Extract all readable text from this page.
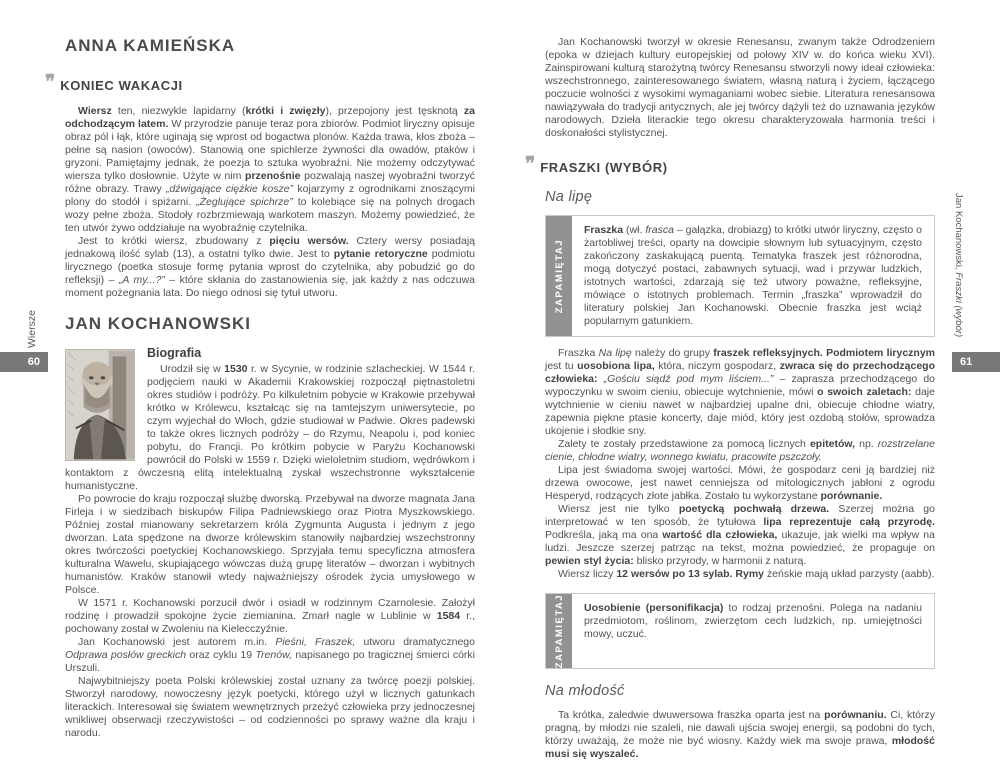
ANNA KAMIEŃSKA
❞ KONIEC WAKACJI

Wiersz ten, niezwykle lapidarny (krótki i zwięzły), przepojony jest tęsknotą za odchodzącym latem. W przyrodzie panuje teraz pora zbiorów. Podmiot liryczny opisuje obraz pól i łąk, które uginają się wprost od bogactwa plonów. Każda trawa, kłos zboża – pełne są nasion (owoców). Stanowią one spichlerze żywności dla owadów, ptaków i gryzoni. Pamiętajmy jednak, że poezja to sztuka wyobraźni. Nie możemy odczytywać wiersza tylko dosłownie. Użyte w nim przenośnie pozwalają naszej wyobraźni tworzyć różne obrazy. Trawy „dźwigające ciężkie kosze” kojarzymy z ogrodnikami znoszącymi plony do stodół i spiżarni. „Żeglujące spichrze” to kolebiące się na polnych drogach wozy pełne zboża. Stodoły rozbrzmiewają warkotem maszyn. Możemy powiedzieć, że ten utwór żywo oddziałuje na wyobraźnię czytelnika.

Jest to krótki wiersz, zbudowany z pięciu wersów. Cztery wersy posiadają jednakową ilość sylab (13), a ostatni tylko dwie. Jest to pytanie retoryczne podmiotu lirycznego (poetka stosuje formę pytania wprost do czytelnika, aby pobudzić go do refleksji) – „A my...?” – które skłania do zastanowienia się, jak każdy z nas odczuwa moment pożegnania lata. Do niego odnosi się tytuł utworu.

JAN KOCHANOWSKI
Biografia

Urodził się w 1530 r. w Sycynie, w rodzinie szlacheckiej. W 1544 r. podjęciem nauki w Akademii Krakowskiej rozpoczął piętnastoletni okres studiów i podróży. Po kilkuletnim pobycie w Krakowie przebywał krótko w Królewcu, kształcąc się na tamtejszym uniwersytecie, po czym wyjechał do Włoch, gdzie studiował w Padwie. Okres padewski to także okres licznych podróży – do Rzymu, Neapolu i, pod koniec pobytu, do Francji. Po krótkim pobycie w Paryżu Kochanowski powrócił do Polski w 1559 r. Dzięki wieloletnim studiom, wędrówkom i kontaktom z ówczesną elitą intelektualną zyskał wszechstronne wykształcenie humanistyczne.

Po powrocie do kraju rozpoczął służbę dworską. Przebywał na dworze magnata Jana Firleja i w siedzibach biskupów Filipa Padniewskiego oraz Piotra Myszkowskiego. Później został mianowany sekretarzem króla Zygmunta Augusta i jednym z jego dworzan. Lata spędzone na dworze królewskim stanowiły najbardziej wszechstronny okres twórczości poetyckiej Kochanowskiego. Sprzyjała temu specyficzna atmosfera kulturalna Wawelu, skupiającego wówczas dużą grupę literatów – dworzan i wybitnych humanistów. Kraków stanowił wtedy najważniejszy ośrodek życia umysłowego w Polsce.

W 1571 r. Kochanowski porzucił dwór i osiadł w rodzinnym Czarnolesie. Założył rodzinę i prowadził spokojne życie ziemianina. Zmarł nagle w Lublinie w 1584 r., pochowany został w Zwoleniu na Kielecczyźnie.

Jan Kochanowski jest autorem m.in. Pieśni, Fraszek, utworu dramatycznego Odprawa posłów greckich oraz cyklu 19 Trenów, napisanego po tragicznej śmierci córki Urszuli.

Najwybitniejszy poeta Polski królewskiej został uznany za twórcę poezji polskiej. Stworzył narodowy, nowoczesny język poetycki, którego użył w licznych gatunkach literackich. Interesował się światem wewnętrznych przeżyć człowieka przy jednoczesnej wnikliwej obserwacji rzeczywistości – od codzienności po sprawy ważne dla kraju i narodu.

Jan Kochanowski tworzył w okresie Renesansu, zwanym także Odrodzeniem (epoka w dziejach kultury europejskiej od połowy XIV w. do końca wieku XVI). Zainspirowani kulturą starożytną twórcy Renesansu stworzyli nowy ideał człowieka: wszechstronnego, zainteresowanego światem, własną naturą i życiem, łączącego poczucie wolności z wysokimi wymaganiami wobec siebie. Literatura renesansowa nawiązywała do tradycji antycznych, ale jej twórcy dążyli też do uznawania języków narodowych. Dzieła literackie tego okresu charakteryzowała harmonia treści i doskonałości stylistycznej.

❞ FRASZKI (WYBÓR)
Na lipę
ZAPAMIĘTAJ
Fraszka (wł. frasca – gałązka, drobiazg) to krótki utwór liryczny, często o żartobliwej treści, oparty na dowcipie słownym lub sytuacyjnym, często zakończony zaskakującą puentą. Tematyka fraszek jest różnorodna, mogą dotyczyć postaci, zabawnych sytuacji, wad i przywar ludzkich, istotnych wartości, zdarzają się też utwory poważne, refleksyjne, mówiące o istotnych problemach. Termin „fraszka” wprowadził do literatury polskiej Jan Kochanowski. Obecnie fraszka jest wciąż popularnym gatunkiem.

Fraszka Na lipę należy do grupy fraszek refleksyjnych. Podmiotem lirycznym jest tu uosobiona lipa, która, niczym gospodarz, zwraca się do przechodzącego człowieka: „Gościu siądź pod mym liściem...” – zaprasza przechodzącego do wypoczynku w swoim cieniu, obiecuje wytchnienie, mówi o swoich zaletach: daje wytchnienie w cieniu nawet w najbardziej upalne dni, obiecuje chłodne wiatry, zapewnia piękne ptasie koncerty, daje miód, który jest ozdobą stołów, sprowadza ukojenie i słodkie sny.

Zalety te zostały przedstawione za pomocą licznych epitetów, np. rozstrzelane cienie, chłodne wiatry, wonnego kwiatu, pracowite pszczoły.

Lipa jest świadoma swojej wartości. Mówi, że gospodarz ceni ją bardziej niż drzewa owocowe, jest nawet cenniejsza od mitologicznych jabłoni z ogrodu Hesperyd, rodzących złote jabłka. Zostało tu wykorzystane porównanie.

Wiersz jest nie tylko poetycką pochwałą drzewa. Szerzej można go interpretować w ten sposób, że tytułowa lipa reprezentuje całą przyrodę. Podkreśla, jaką ma ona wartość dla człowieka, ukazuje, jak wielki ma wpływ na ludzi. Jeszcze szerzej patrząc na tekst, można powiedzieć, że propaguje on pewien styl życia: blisko przyrody, w harmonii z naturą.

Wiersz liczy 12 wersów po 13 sylab. Rymy żeńskie mają układ parzysty (aabb).

ZAPAMIĘTAJ	Uosobienie (personifikacja) to rodzaj przenośni. Polega na nadaniu przedmiotom, roślinom, zwierzętom cech ludzkich, np. umiejętności mowy, uczuć.
Na młodość

Ta krótka, zaledwie dwuwersowa fraszka oparta jest na porównaniu. Ci, którzy pragną, by młodzi nie szaleli, nie dawali ujścia swojej energii, są podobni do tych, którzy uważają, że może nie być wiosny. Każdy wiek ma swoje prawa, młodość musi się wyszaleć.

Wiersze
60
Jan Kochanowski, Fraszki (wybór)
61
